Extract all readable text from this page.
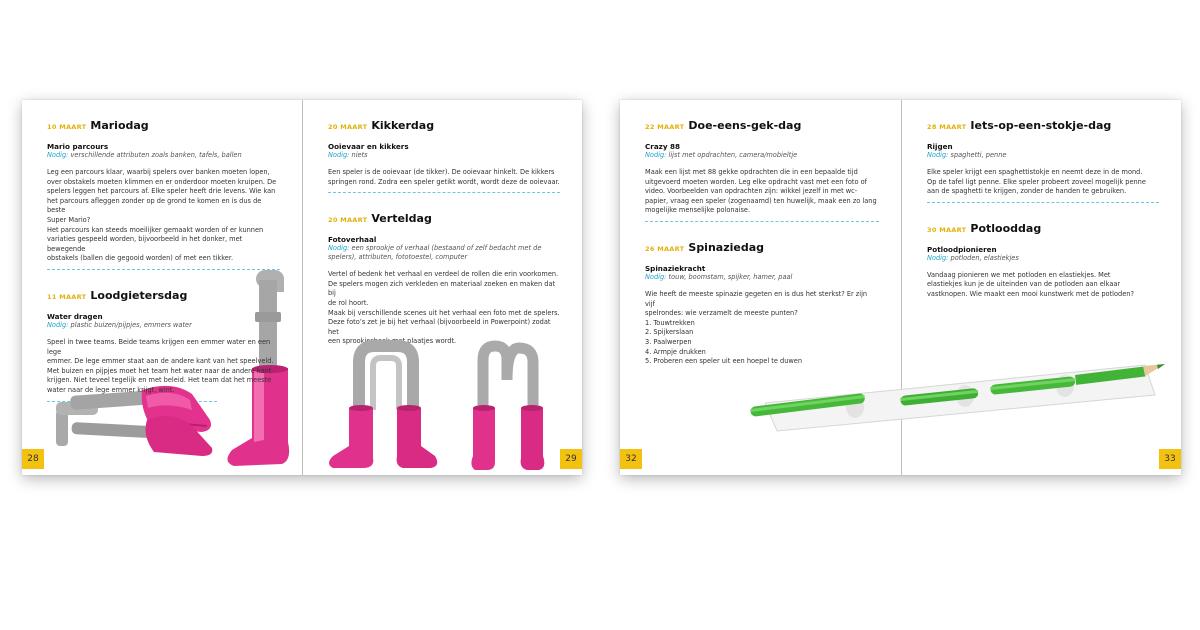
10 MAART Mariodag
Mario parcours
Nodig: verschillende attributen zoals banken, tafels, ballen

Leg een parcours klaar, waarbij spelers over banken moeten lopen,

over obstakels moeten klimmen en er onderdoor moeten kruipen. De

spelers leggen het parcours af. Elke speler heeft drie levens. Wie kan

het parcours afleggen zonder op de grond te komen en is dus de beste

Super Mario?

Het parcours kan steeds moeilijker gemaakt worden of er kunnen

variaties gespeeld worden, bijvoorbeeld in het donker, met bewegende

obstakels (ballen die gegooid worden) of met een tikker.

11 MAART Loodgietersdag
Water dragen
Nodig: plastic buizen/pijpjes, emmers water

Speel in twee teams. Beide teams krijgen een emmer water en een lege

emmer. De lege emmer staat aan de andere kant van het speelveld.

Met buizen en pijpjes moet het team het water naar de andere kant

krijgen. Niet teveel tegelijk en met beleid. Het team dat het meeste

water naar de lege emmer krijgt, wint.

28
20 MAART Kikkerdag
Ooievaar en kikkers
Nodig: niets

Een speler is de ooievaar (de tikker). De ooievaar hinkelt. De kikkers

springen rond. Zodra een speler getikt wordt, wordt deze de ooievaar.

20 MAART Verteldag
Fotoverhaal
Nodig: een sprookje of verhaal (bestaand of zelf bedacht met de spelers), attributen, fototoestel, computer

Vertel of bedenk het verhaal en verdeel de rollen die erin voorkomen.

De spelers mogen zich verkleden en materiaal zoeken en maken dat bij

de rol hoort.

Maak bij verschillende scenes uit het verhaal een foto met de spelers.

Deze foto’s zet je bij het verhaal (bijvoorbeeld in Powerpoint) zodat het

een sprookjesboek met plaatjes wordt.

29
22 MAART Doe-eens-gek-dag
Crazy 88
Nodig: lijst met opdrachten, camera/mobieltje

Maak een lijst met 88 gekke opdrachten die in een bepaalde tijd

uitgevoerd moeten worden. Leg elke opdracht vast met een foto of

video. Voorbeelden van opdrachten zijn: wikkel jezelf in met wc-

papier, vraag een speler (zogenaamd) ten huwelijk, maak een zo lang

mogelijke menselijke polonaise.

26 MAART Spinaziedag
Spinaziekracht
Nodig: touw, boomstam, spijker, hamer, paal

Wie heeft de meeste spinazie gegeten en is dus het sterkst? Er zijn vijf

spelrondes: wie verzamelt de meeste punten?

1. Touwtrekken

2. Spijkerslaan

3. Paalwerpen

4. Armpje drukken

5. Proberen een speler uit een hoepel te duwen

32
28 MAART Iets-op-een-stokje-dag
Rijgen
Nodig: spaghetti, penne

Elke speler krijgt een spaghettistokje en neemt deze in de mond.

Op de tafel ligt penne. Elke speler probeert zoveel mogelijk penne

aan de spaghetti te krijgen, zonder de handen te gebruiken.

30 MAART Potlooddag
Potloodpionieren
Nodig: potloden, elastiekjes

Vandaag pionieren we met potloden en elastiekjes. Met

elastiekjes kun je de uiteinden van de potloden aan elkaar

vastknopen. Wie maakt een mooi kunstwerk met de potloden?

33
